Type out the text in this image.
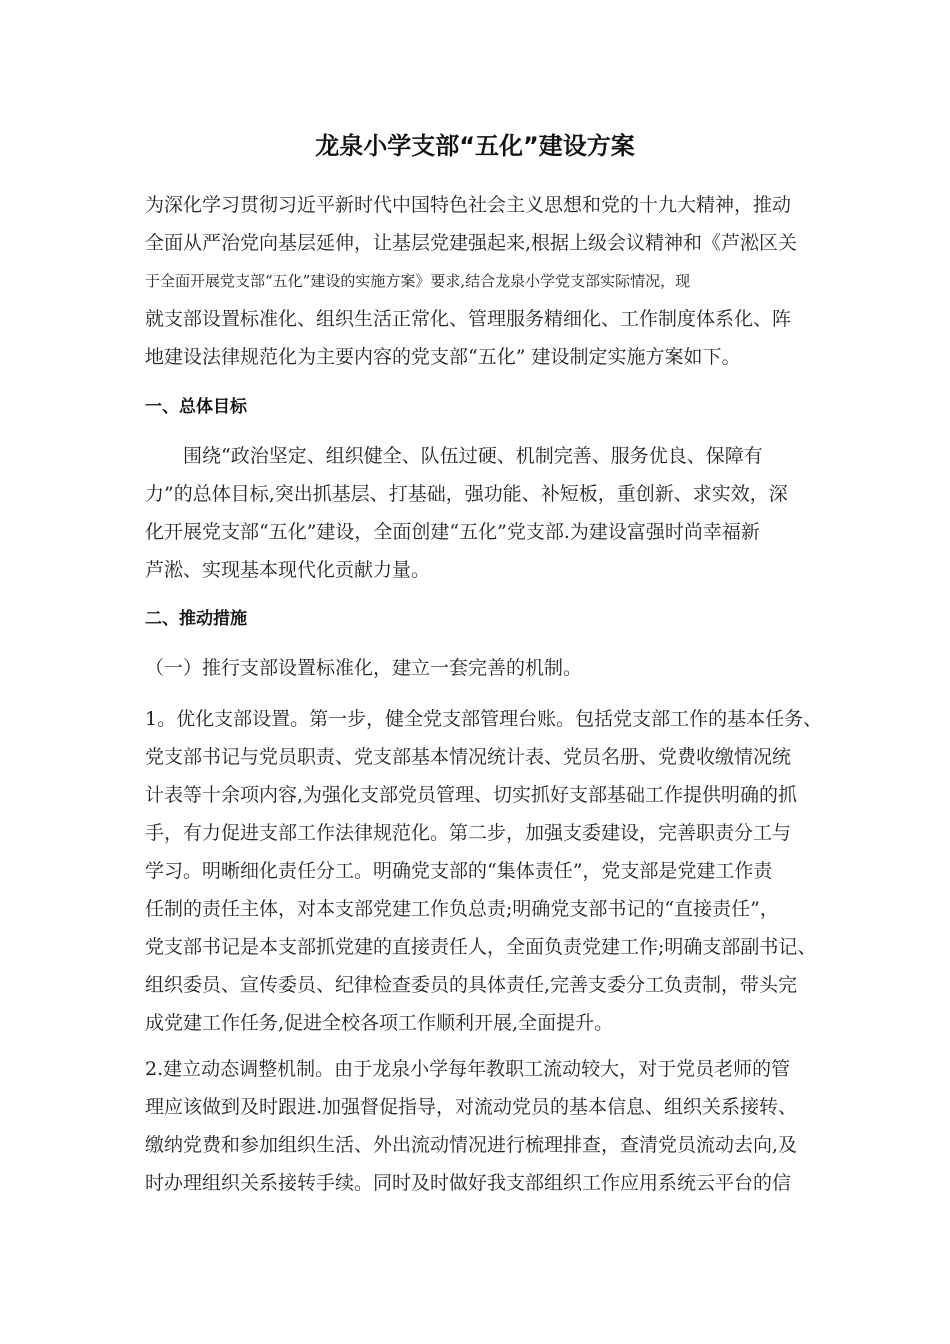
龙泉小学支部“五化”建设方案
为深化学习贯彻习近平新时代中国特色社会主义思想和党的十九大精神，推动
全面从严治党向基层延伸，让基层党建强起来,根据上级会议精神和《芦淞区关
于全面开展党支部“五化”建设的实施方案》要求,结合龙泉小学党支部实际情况，现
就支部设置标准化、组织生活正常化、管理服务精细化、工作制度体系化、阵
地建设法律规范化为主要内容的党支部“五化” 建设制定实施方案如下。
一、总体目标
围绕“政治坚定、组织健全、队伍过硬、机制完善、服务优良、保障有
力”的总体目标,突出抓基层、打基础，强功能、补短板，重创新、求实效，深
化开展党支部“五化”建设，全面创建“五化”党支部.为建设富强时尚幸福新
芦淞、实现基本现代化贡献力量。
二、推动措施
（一）推行支部设置标准化，建立一套完善的机制。
1。优化支部设置。第一步，健全党支部管理台账。包括党支部工作的基本任务、
党支部书记与党员职责、党支部基本情况统计表、党员名册、党费收缴情况统
计表等十余项内容,为强化支部党员管理、切实抓好支部基础工作提供明确的抓
手，有力促进支部工作法律规范化。第二步，加强支委建设，完善职责分工与
学习。明晰细化责任分工。明确党支部的“集体责任”，党支部是党建工作责
任制的责任主体，对本支部党建工作负总责;明确党支部书记的“直接责任”，
党支部书记是本支部抓党建的直接责任人，全面负责党建工作;明确支部副书记、
组织委员、宣传委员、纪律检查委员的具体责任,完善支委分工负责制，带头完
成党建工作任务,促进全校各项工作顺利开展,全面提升。
2.建立动态调整机制。由于龙泉小学每年教职工流动较大，对于党员老师的管
理应该做到及时跟进.加强督促指导，对流动党员的基本信息、组织关系接转、
缴纳党费和参加组织生活、外出流动情况进行梳理排查，查清党员流动去向,及
时办理组织关系接转手续。同时及时做好我支部组织工作应用系统云平台的信
